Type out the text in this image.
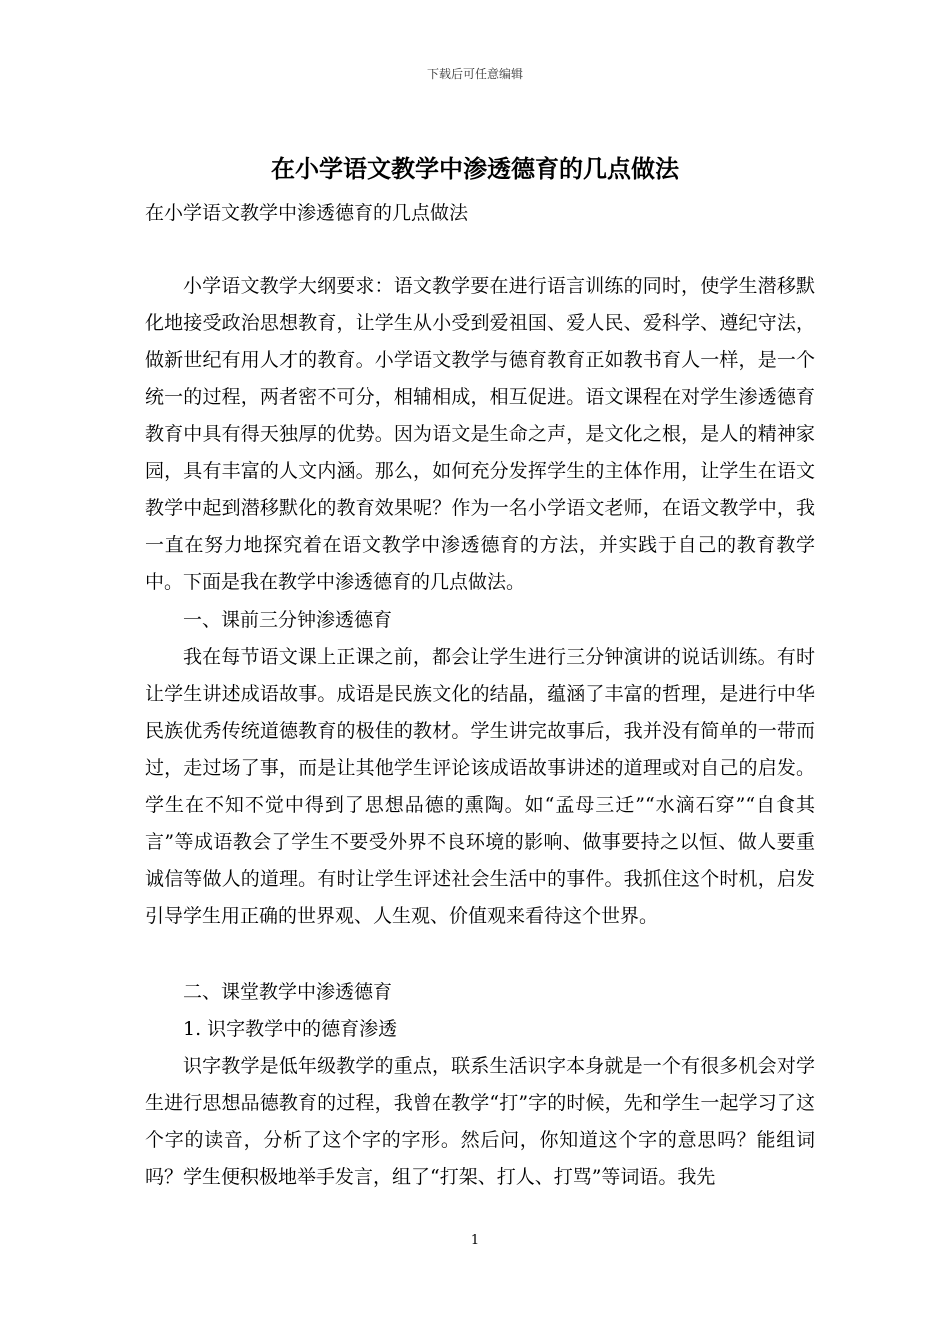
下载后可任意编辑
在小学语文教学中渗透德育的几点做法
在小学语文教学中渗透德育的几点做法

小学语文教学大纲要求：语文教学要在进行语言训练的同时，使学生潜移默化地接受政治思想教育，让学生从小受到爱祖国、爱人民、爱科学、遵纪守法，做新世纪有用人才的教育。小学语文教学与德育教育正如教书育人一样，是一个统一的过程，两者密不可分，相辅相成，相互促进。语文课程在对学生渗透德育教育中具有得天独厚的优势。因为语文是生命之声，是文化之根，是人的精神家园，具有丰富的人文内涵。那么，如何充分发挥学生的主体作用，让学生在语文教学中起到潜移默化的教育效果呢？作为一名小学语文老师，在语文教学中，我一直在努力地探究着在语文教学中渗透德育的方法，并实践于自己的教育教学中。下面是我在教学中渗透德育的几点做法。

一、课前三分钟渗透德育

我在每节语文课上正课之前，都会让学生进行三分钟演讲的说话训练。有时让学生讲述成语故事。成语是民族文化的结晶，蕴涵了丰富的哲理，是进行中华民族优秀传统道德教育的极佳的教材。学生讲完故事后，我并没有简单的一带而过，走过场了事，而是让其他学生评论该成语故事讲述的道理或对自己的启发。学生在不知不觉中得到了思想品德的熏陶。如“孟母三迁”“水滴石穿”“自食其言”等成语教会了学生不要受外界不良环境的影响、做事要持之以恒、做人要重诚信等做人的道理。有时让学生评述社会生活中的事件。我抓住这个时机，启发引导学生用正确的世界观、人生观、价值观来看待这个世界。

二、课堂教学中渗透德育

1. 识字教学中的德育渗透

识字教学是低年级教学的重点，联系生活识字本身就是一个有很多机会对学生进行思想品德教育的过程，我曾在教学“打”字的时候，先和学生一起学习了这个字的读音，分析了这个字的字形。然后问，你知道这个字的意思吗？能组词吗？学生便积极地举手发言，组了“打架、打人、打骂”等词语。我先

1
